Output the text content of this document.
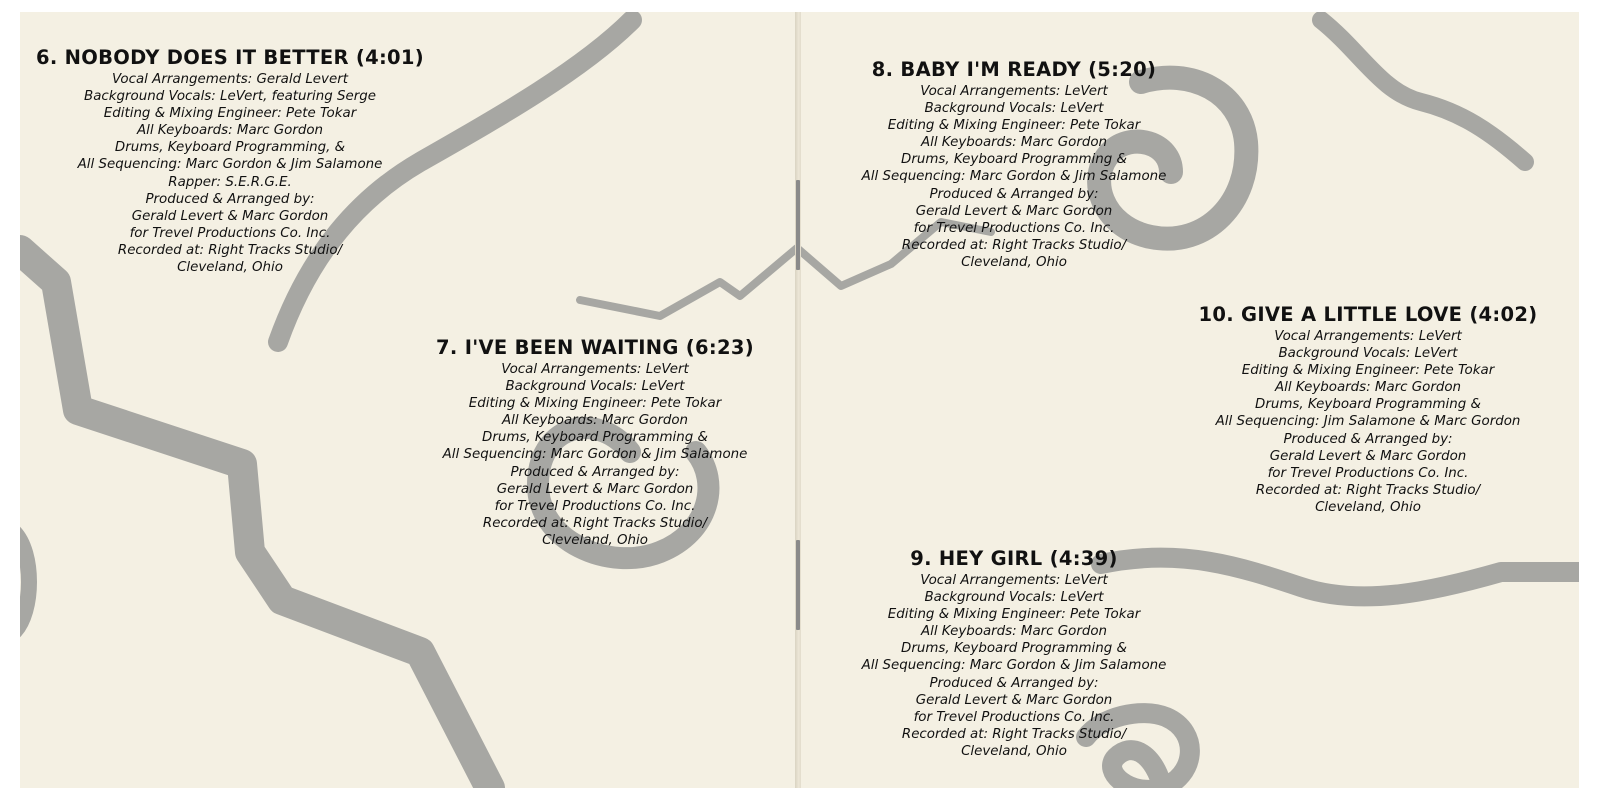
6. NOBODY DOES IT BETTER (4:01)
Vocal Arrangements: Gerald Levert
Background Vocals: LeVert, featuring Serge
Editing & Mixing Engineer: Pete Tokar
All Keyboards: Marc Gordon
Drums, Keyboard Programming, &
All Sequencing: Marc Gordon & Jim Salamone
Rapper: S.E.R.G.E.
Produced & Arranged by:
Gerald Levert & Marc Gordon
for Trevel Productions Co. Inc.
Recorded at: Right Tracks Studio/
Cleveland, Ohio
7. I'VE BEEN WAITING (6:23)
Vocal Arrangements: LeVert
Background Vocals: LeVert
Editing & Mixing Engineer: Pete Tokar
All Keyboards: Marc Gordon
Drums, Keyboard Programming &
All Sequencing: Marc Gordon & Jim Salamone
Produced & Arranged by:
Gerald Levert & Marc Gordon
for Trevel Productions Co. Inc.
Recorded at: Right Tracks Studio/
Cleveland, Ohio
8. BABY I'M READY (5:20)
Vocal Arrangements: LeVert
Background Vocals: LeVert
Editing & Mixing Engineer: Pete Tokar
All Keyboards: Marc Gordon
Drums, Keyboard Programming &
All Sequencing: Marc Gordon & Jim Salamone
Produced & Arranged by:
Gerald Levert & Marc Gordon
for Trevel Productions Co. Inc.
Recorded at: Right Tracks Studio/
Cleveland, Ohio
10. GIVE A LITTLE LOVE (4:02)
Vocal Arrangements: LeVert
Background Vocals: LeVert
Editing & Mixing Engineer: Pete Tokar
All Keyboards: Marc Gordon
Drums, Keyboard Programming &
All Sequencing: Jim Salamone & Marc Gordon
Produced & Arranged by:
Gerald Levert & Marc Gordon
for Trevel Productions Co. Inc.
Recorded at: Right Tracks Studio/
Cleveland, Ohio
9. HEY GIRL (4:39)
Vocal Arrangements: LeVert
Background Vocals: LeVert
Editing & Mixing Engineer: Pete Tokar
All Keyboards: Marc Gordon
Drums, Keyboard Programming &
All Sequencing: Marc Gordon & Jim Salamone
Produced & Arranged by:
Gerald Levert & Marc Gordon
for Trevel Productions Co. Inc.
Recorded at: Right Tracks Studio/
Cleveland, Ohio
